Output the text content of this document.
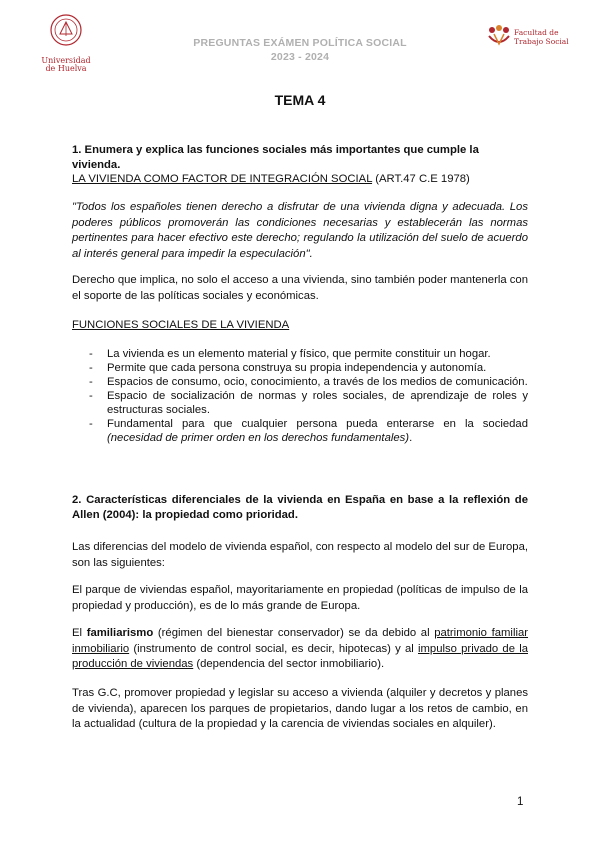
Universidad de Huelva
PREGUNTAS EXÁMEN POLÍTICA SOCIAL
2023 - 2024
Facultad de Trabajo Social
TEMA 4
1. Enumera y explica las funciones sociales más importantes que cumple la vivienda.
LA VIVIENDA COMO FACTOR DE INTEGRACIÓN SOCIAL (ART.47 C.E 1978)
"Todos los españoles tienen derecho a disfrutar de una vivienda digna y adecuada. Los poderes públicos promoverán las condiciones necesarias y establecerán las normas pertinentes para hacer efectivo este derecho; regulando la utilización del suelo de acuerdo al interés general para impedir la especulación".
Derecho que implica, no solo el acceso a una vivienda, sino también poder mantenerla con el soporte de las políticas sociales y económicas.
FUNCIONES SOCIALES DE LA VIVIENDA
- La vivienda es un elemento material y físico, que permite constituir un hogar.
- Permite que cada persona construya su propia independencia y autonomía.
- Espacios de consumo, ocio, conocimiento, a través de los medios de comunicación.
- Espacio de socialización de normas y roles sociales, de aprendizaje de roles y estructuras sociales.
- Fundamental para que cualquier persona pueda enterarse en la sociedad (necesidad de primer orden en los derechos fundamentales).
2. Características diferenciales de la vivienda en España en base a la reflexión de Allen (2004): la propiedad como prioridad.
Las diferencias del modelo de vivienda español, con respecto al modelo del sur de Europa, son las siguientes:
El parque de viviendas español, mayoritariamente en propiedad (políticas de impulso de la propiedad y producción), es de lo más grande de Europa.
El familiarismo (régimen del bienestar conservador) se da debido al patrimonio familiar inmobiliario (instrumento de control social, es decir, hipotecas) y al impulso privado de la producción de viviendas (dependencia del sector inmobiliario).
Tras G.C, promover propiedad y legislar su acceso a vivienda (alquiler y decretos y planes de vivienda), aparecen los parques de propietarios, dando lugar a los retos de cambio, en la actualidad (cultura de la propiedad y la carencia de viviendas sociales en alquiler).
1
